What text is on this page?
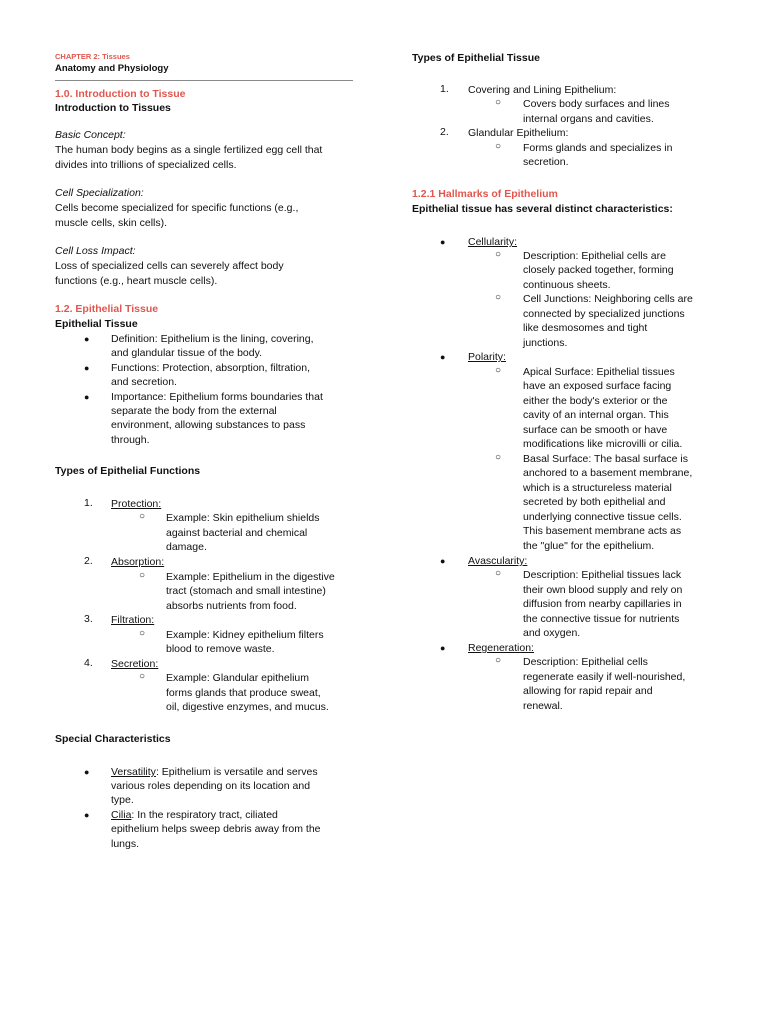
CHAPTER 2: Tissues
Anatomy and Physiology
1.0. Introduction to Tissue
Introduction to Tissues
Basic Concept:
The human body begins as a single fertilized egg cell that
divides into trillions of specialized cells.
Cell Specialization:
Cells become specialized for specific functions (e.g.,
muscle cells, skin cells).
Cell Loss Impact:
Loss of specialized cells can severely affect body
functions (e.g., heart muscle cells).
1.2. Epithelial Tissue
Epithelial Tissue
● Definition: Epithelium is the lining, covering,
and glandular tissue of the body.
● Functions: Protection, absorption, filtration,
and secretion.
● Importance: Epithelium forms boundaries that
separate the body from the external
environment, allowing substances to pass
through.
Types of Epithelial Functions
1. Protection:
○ Example: Skin epithelium shields
against bacterial and chemical
damage.
2. Absorption:
○ Example: Epithelium in the digestive
tract (stomach and small intestine)
absorbs nutrients from food.
3. Filtration:
○ Example: Kidney epithelium filters
blood to remove waste.
4. Secretion:
○ Example: Glandular epithelium
forms glands that produce sweat,
oil, digestive enzymes, and mucus.
Special Characteristics
● Versatility: Epithelium is versatile and serves
various roles depending on its location and
type.
● Cilia: In the respiratory tract, ciliated
epithelium helps sweep debris away from the
lungs.
Types of Epithelial Tissue
1. Covering and Lining Epithelium:
○ Covers body surfaces and lines
internal organs and cavities.
2. Glandular Epithelium:
○ Forms glands and specializes in
secretion.
1.2.1 Hallmarks of Epithelium
Epithelial tissue has several distinct characteristics:
● Cellularity:
○ Description: Epithelial cells are
closely packed together, forming
continuous sheets.
○ Cell Junctions: Neighboring cells are
connected by specialized junctions
like desmosomes and tight
junctions.
● Polarity:
○ Apical Surface: Epithelial tissues
have an exposed surface facing
either the body's exterior or the
cavity of an internal organ. This
surface can be smooth or have
modifications like microvilli or cilia.
○ Basal Surface: The basal surface is
anchored to a basement membrane,
which is a structureless material
secreted by both epithelial and
underlying connective tissue cells.
This basement membrane acts as
the "glue" for the epithelium.
● Avascularity:
○ Description: Epithelial tissues lack
their own blood supply and rely on
diffusion from nearby capillaries in
the connective tissue for nutrients
and oxygen.
● Regeneration:
○ Description: Epithelial cells
regenerate easily if well-nourished,
allowing for rapid repair and
renewal.
